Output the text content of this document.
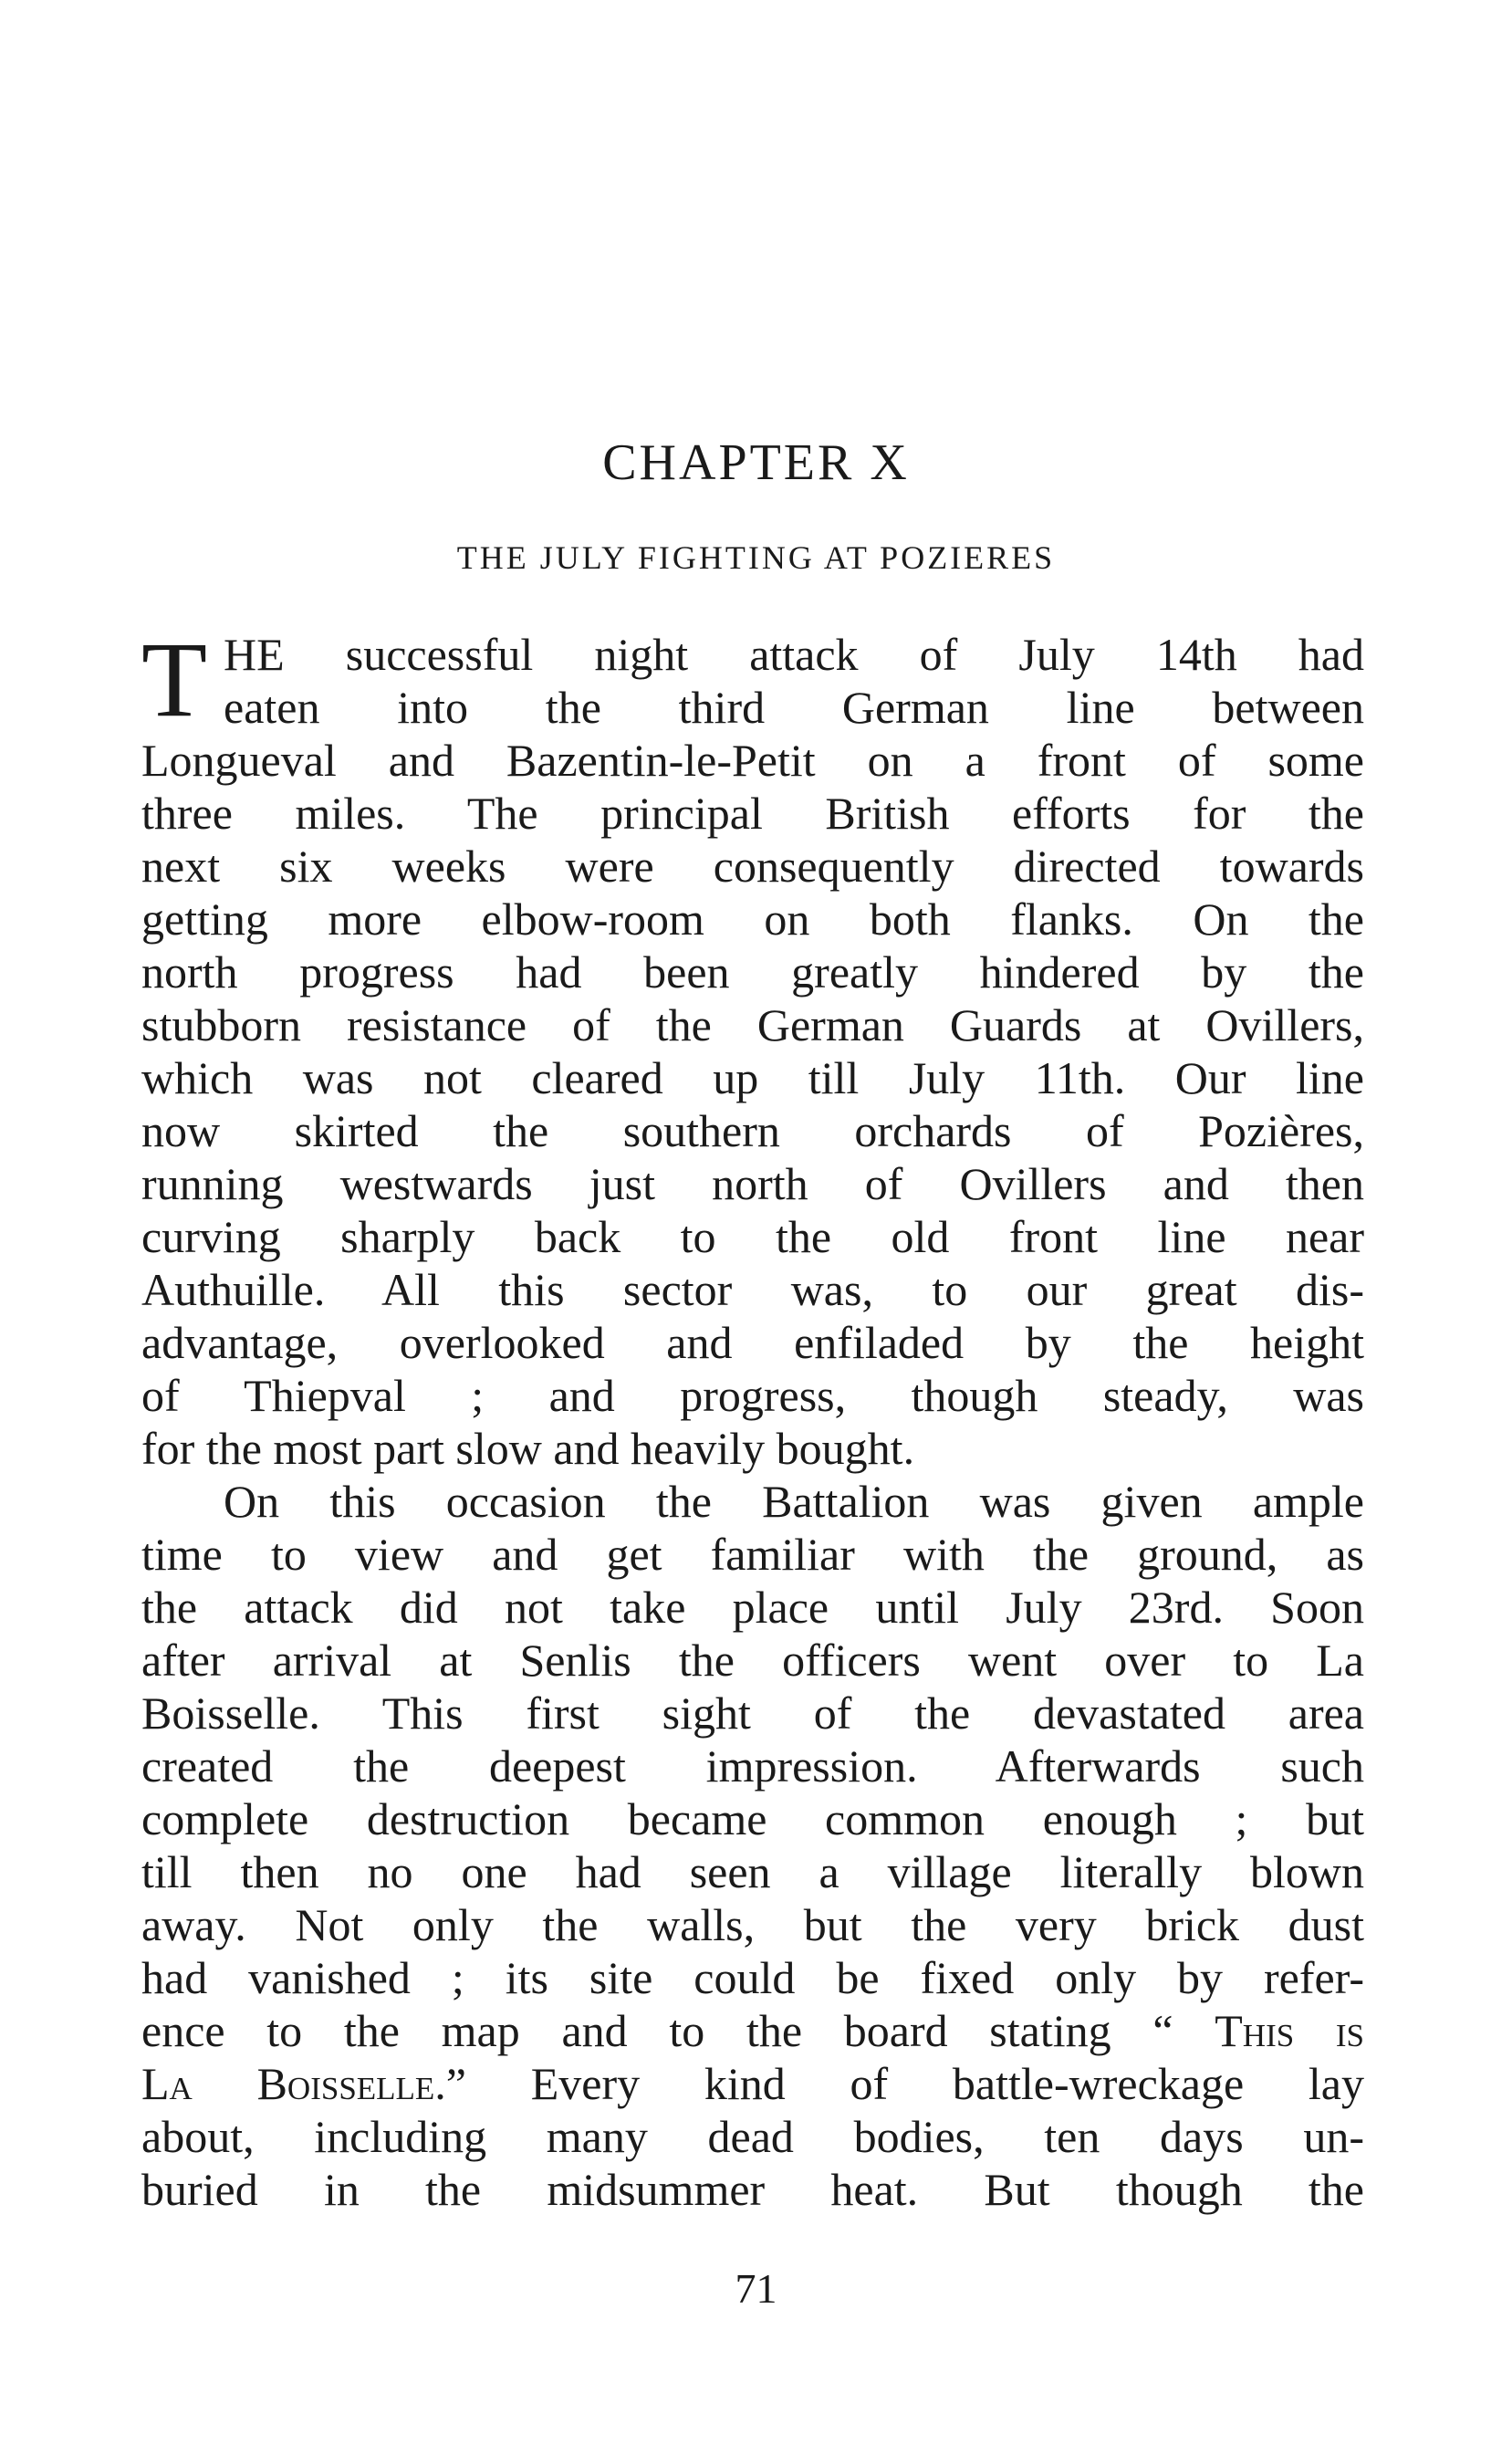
CHAPTER X
THE JULY FIGHTING AT POZIERES
T HE successful night attack of July 14th had
eaten into the third German line between
Longueval and Bazentin-le-Petit on a front of some
three miles. The principal British efforts for the
next six weeks were consequently directed towards
getting more elbow-room on both flanks. On the
north progress had been greatly hindered by the
stubborn resistance of the German Guards at Ovillers,
which was not cleared up till July 11th. Our line
now skirted the southern orchards of Pozières,
running westwards just north of Ovillers and then
curving sharply back to the old front line near
Authuille. All this sector was, to our great dis-
advantage, overlooked and enfiladed by the height
of Thiepval ; and progress, though steady, was
for the most part slow and heavily bought.
On this occasion the Battalion was given ample
time to view and get familiar with the ground, as
the attack did not take place until July 23rd. Soon
after arrival at Senlis the officers went over to La
Boisselle. This first sight of the devastated area
created the deepest impression. Afterwards such
complete destruction became common enough ; but
till then no one had seen a village literally blown
away. Not only the walls, but the very brick dust
had vanished ; its site could be fixed only by refer-
ence to the map and to the board stating “ This is
La Boisselle.” Every kind of battle-wreckage lay
about, including many dead bodies, ten days un-
buried in the midsummer heat. But though the
71
